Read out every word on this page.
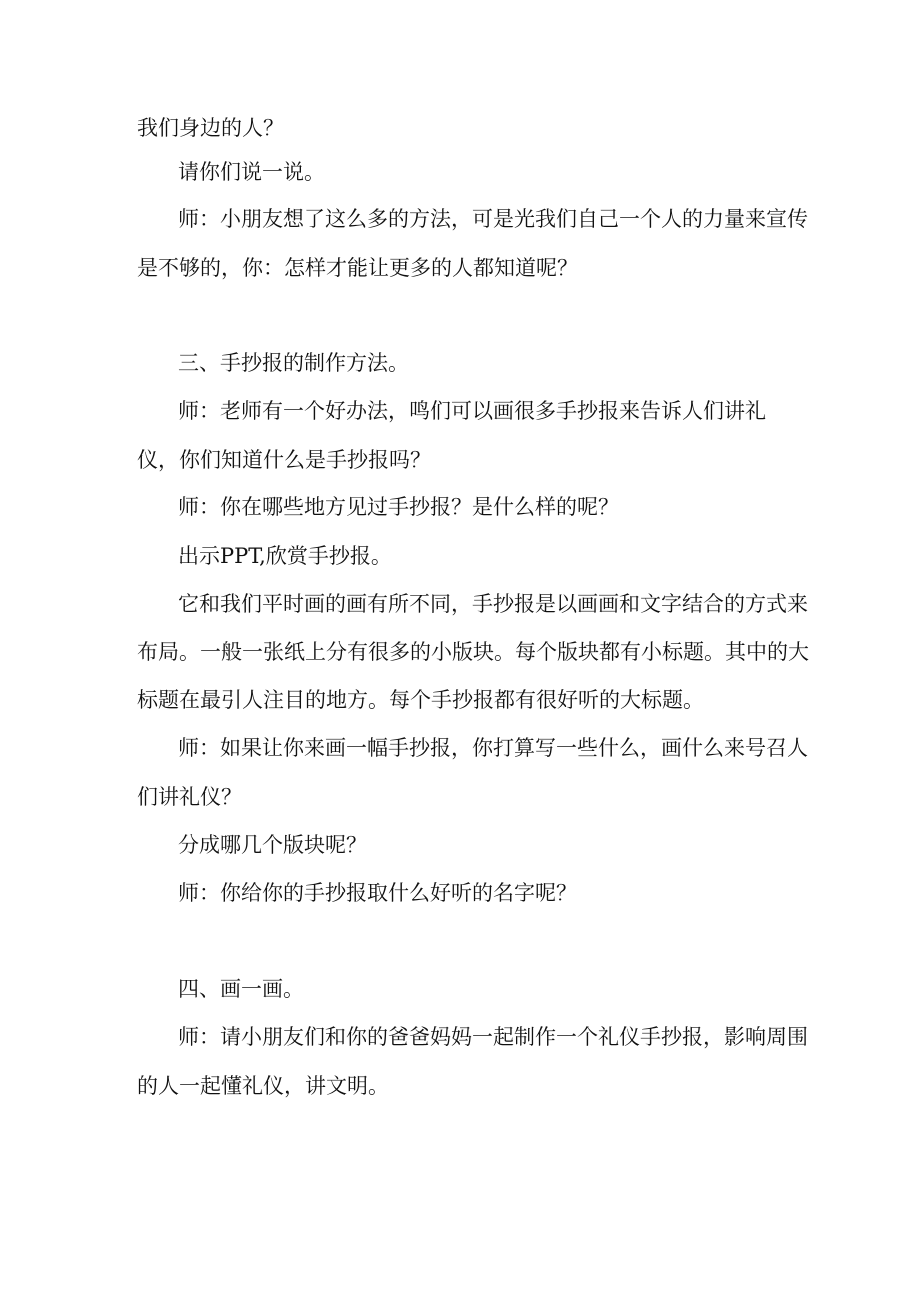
我们身边的人？

请你们说一说。

师：小朋友想了这么多的方法，可是光我们自己一个人的力量来宣传

是不够的，你：怎样才能让更多的人都知道呢？

三、手抄报的制作方法。

师：老师有一个好办法，鸣们可以画很多手抄报来告诉人们讲礼

仪，你们知道什么是手抄报吗？

师：你在哪些地方见过手抄报？是什么样的呢？

出示PPT,欣赏手抄报。

它和我们平时画的画有所不同，手抄报是以画画和文字结合的方式来

布局。一般一张纸上分有很多的小版块。每个版块都有小标题。其中的大

标题在最引人注目的地方。每个手抄报都有很好听的大标题。

师：如果让你来画一幅手抄报，你打算写一些什么，画什么来号召人

们讲礼仪？

分成哪几个版块呢？

师：你给你的手抄报取什么好听的名字呢？

四、画一画。

师：请小朋友们和你的爸爸妈妈一起制作一个礼仪手抄报，影响周围

的人一起懂礼仪，讲文明。
